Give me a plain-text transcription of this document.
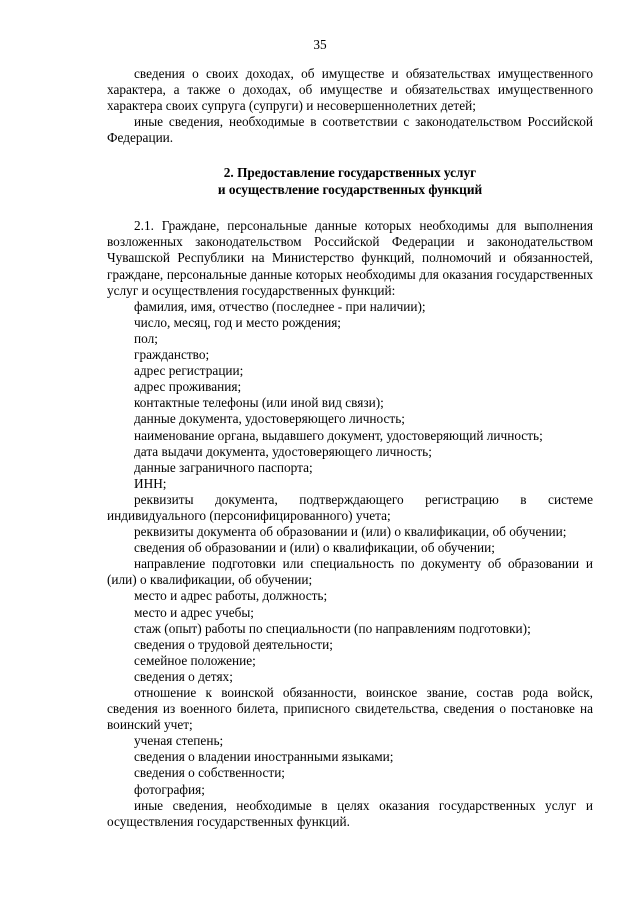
35

сведения о своих доходах, об имуществе и обязательствах имущественного характера, а также о доходах, об имуществе и обязательствах имущественного характера своих супруга (супруги) и несовершеннолетних детей;

иные сведения, необходимые в соответствии с законодательством Российской Федерации.

2. Предоставление государственных услуг
и осуществление государственных функций

2.1. Граждане, персональные данные которых необходимы для выполнения возложенных законодательством Российской Федерации и законодательством Чувашской Республики на Министерство функций, полномочий и обязанностей, граждане, персональные данные которых необходимы для оказания государственных услуг и осуществления государственных функций:

фамилия, имя, отчество (последнее - при наличии);

число, месяц, год и место рождения;

пол;

гражданство;

адрес регистрации;

адрес проживания;

контактные телефоны (или иной вид связи);

данные документа, удостоверяющего личность;

наименование органа, выдавшего документ, удостоверяющий личность;

дата выдачи документа, удостоверяющего личность;

данные заграничного паспорта;

ИНН;

реквизиты документа, подтверждающего регистрацию в системе индивидуального (персонифицированного) учета;

реквизиты документа об образовании и (или) о квалификации, об обучении;

сведения об образовании и (или) о квалификации, об обучении;

направление подготовки или специальность по документу об образовании и (или) о квалификации, об обучении;

место и адрес работы, должность;

место и адрес учебы;

стаж (опыт) работы по специальности (по направлениям подготовки);

сведения о трудовой деятельности;

семейное положение;

сведения о детях;

отношение к воинской обязанности, воинское звание, состав рода войск, сведения из военного билета, приписного свидетельства, сведения о постановке на воинский учет;

ученая степень;

сведения о владении иностранными языками;

сведения о собственности;

фотография;

иные сведения, необходимые в целях оказания государственных услуг и осуществления государственных функций.
